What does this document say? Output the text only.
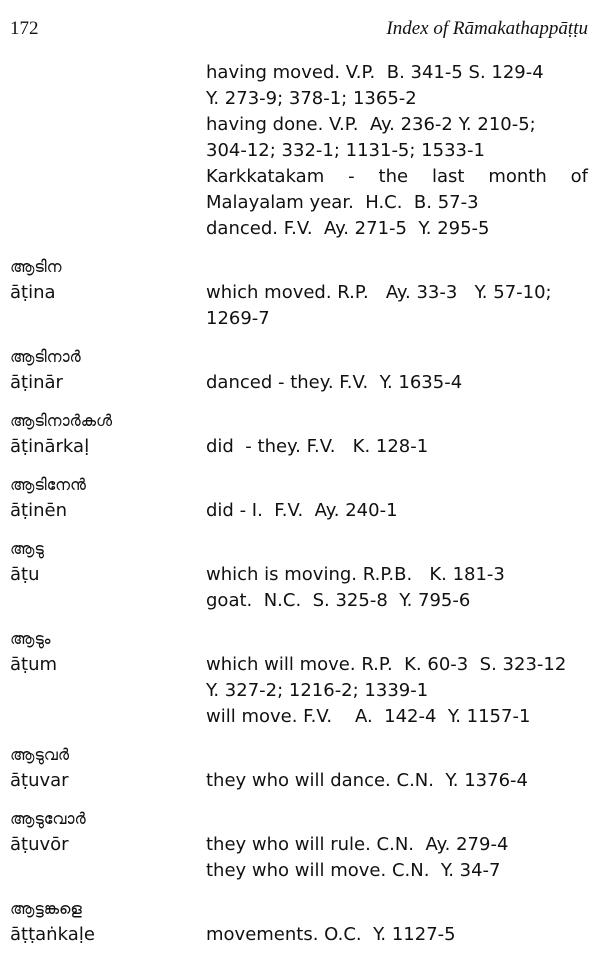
172	Index of Rāmakathappāṭṭu
having moved. V.P.  B. 341-5 S. 129-4
Y. 273-9; 378-1; 1365-2
having done. V.P.  Ay. 236-2 Y. 210-5;
304-12; 332-1; 1131-5; 1533-1
Karkkatakam - the last month of
Malayalam year.  H.C.  B. 57-3
danced. F.V.  Ay. 271-5  Y. 295-5
ആടിന
āṭina	which moved. R.P.   Ay. 33-3   Y. 57-10;
1269-7
ആടിനാർ
āṭinār	danced - they. F.V.  Y. 1635-4
ആടിനാർകൾ
āṭinārkaḷ	did  - they. F.V.   K. 128-1
ആടിനേൻ
āṭinēn	did - I.  F.V.  Ay. 240-1
ആടു
āṭu	which is moving. R.P.B.   K. 181-3
goat.  N.C.  S. 325-8  Y. 795-6
ആടും
āṭum	which will move. R.P.  K. 60-3  S. 323-12
Y. 327-2; 1216-2; 1339-1
will move. F.V.    A.  142-4  Y. 1157-1
ആടുവർ
āṭuvar	they who will dance. C.N.  Y. 1376-4
ആടുവോർ
āṭuvōr	they who will rule. C.N.  Ay. 279-4
they who will move. C.N.  Y. 34-7
ആട്ടങ്കളെ
āṭṭaṅkaḷe	movements. O.C.  Y. 1127-5
